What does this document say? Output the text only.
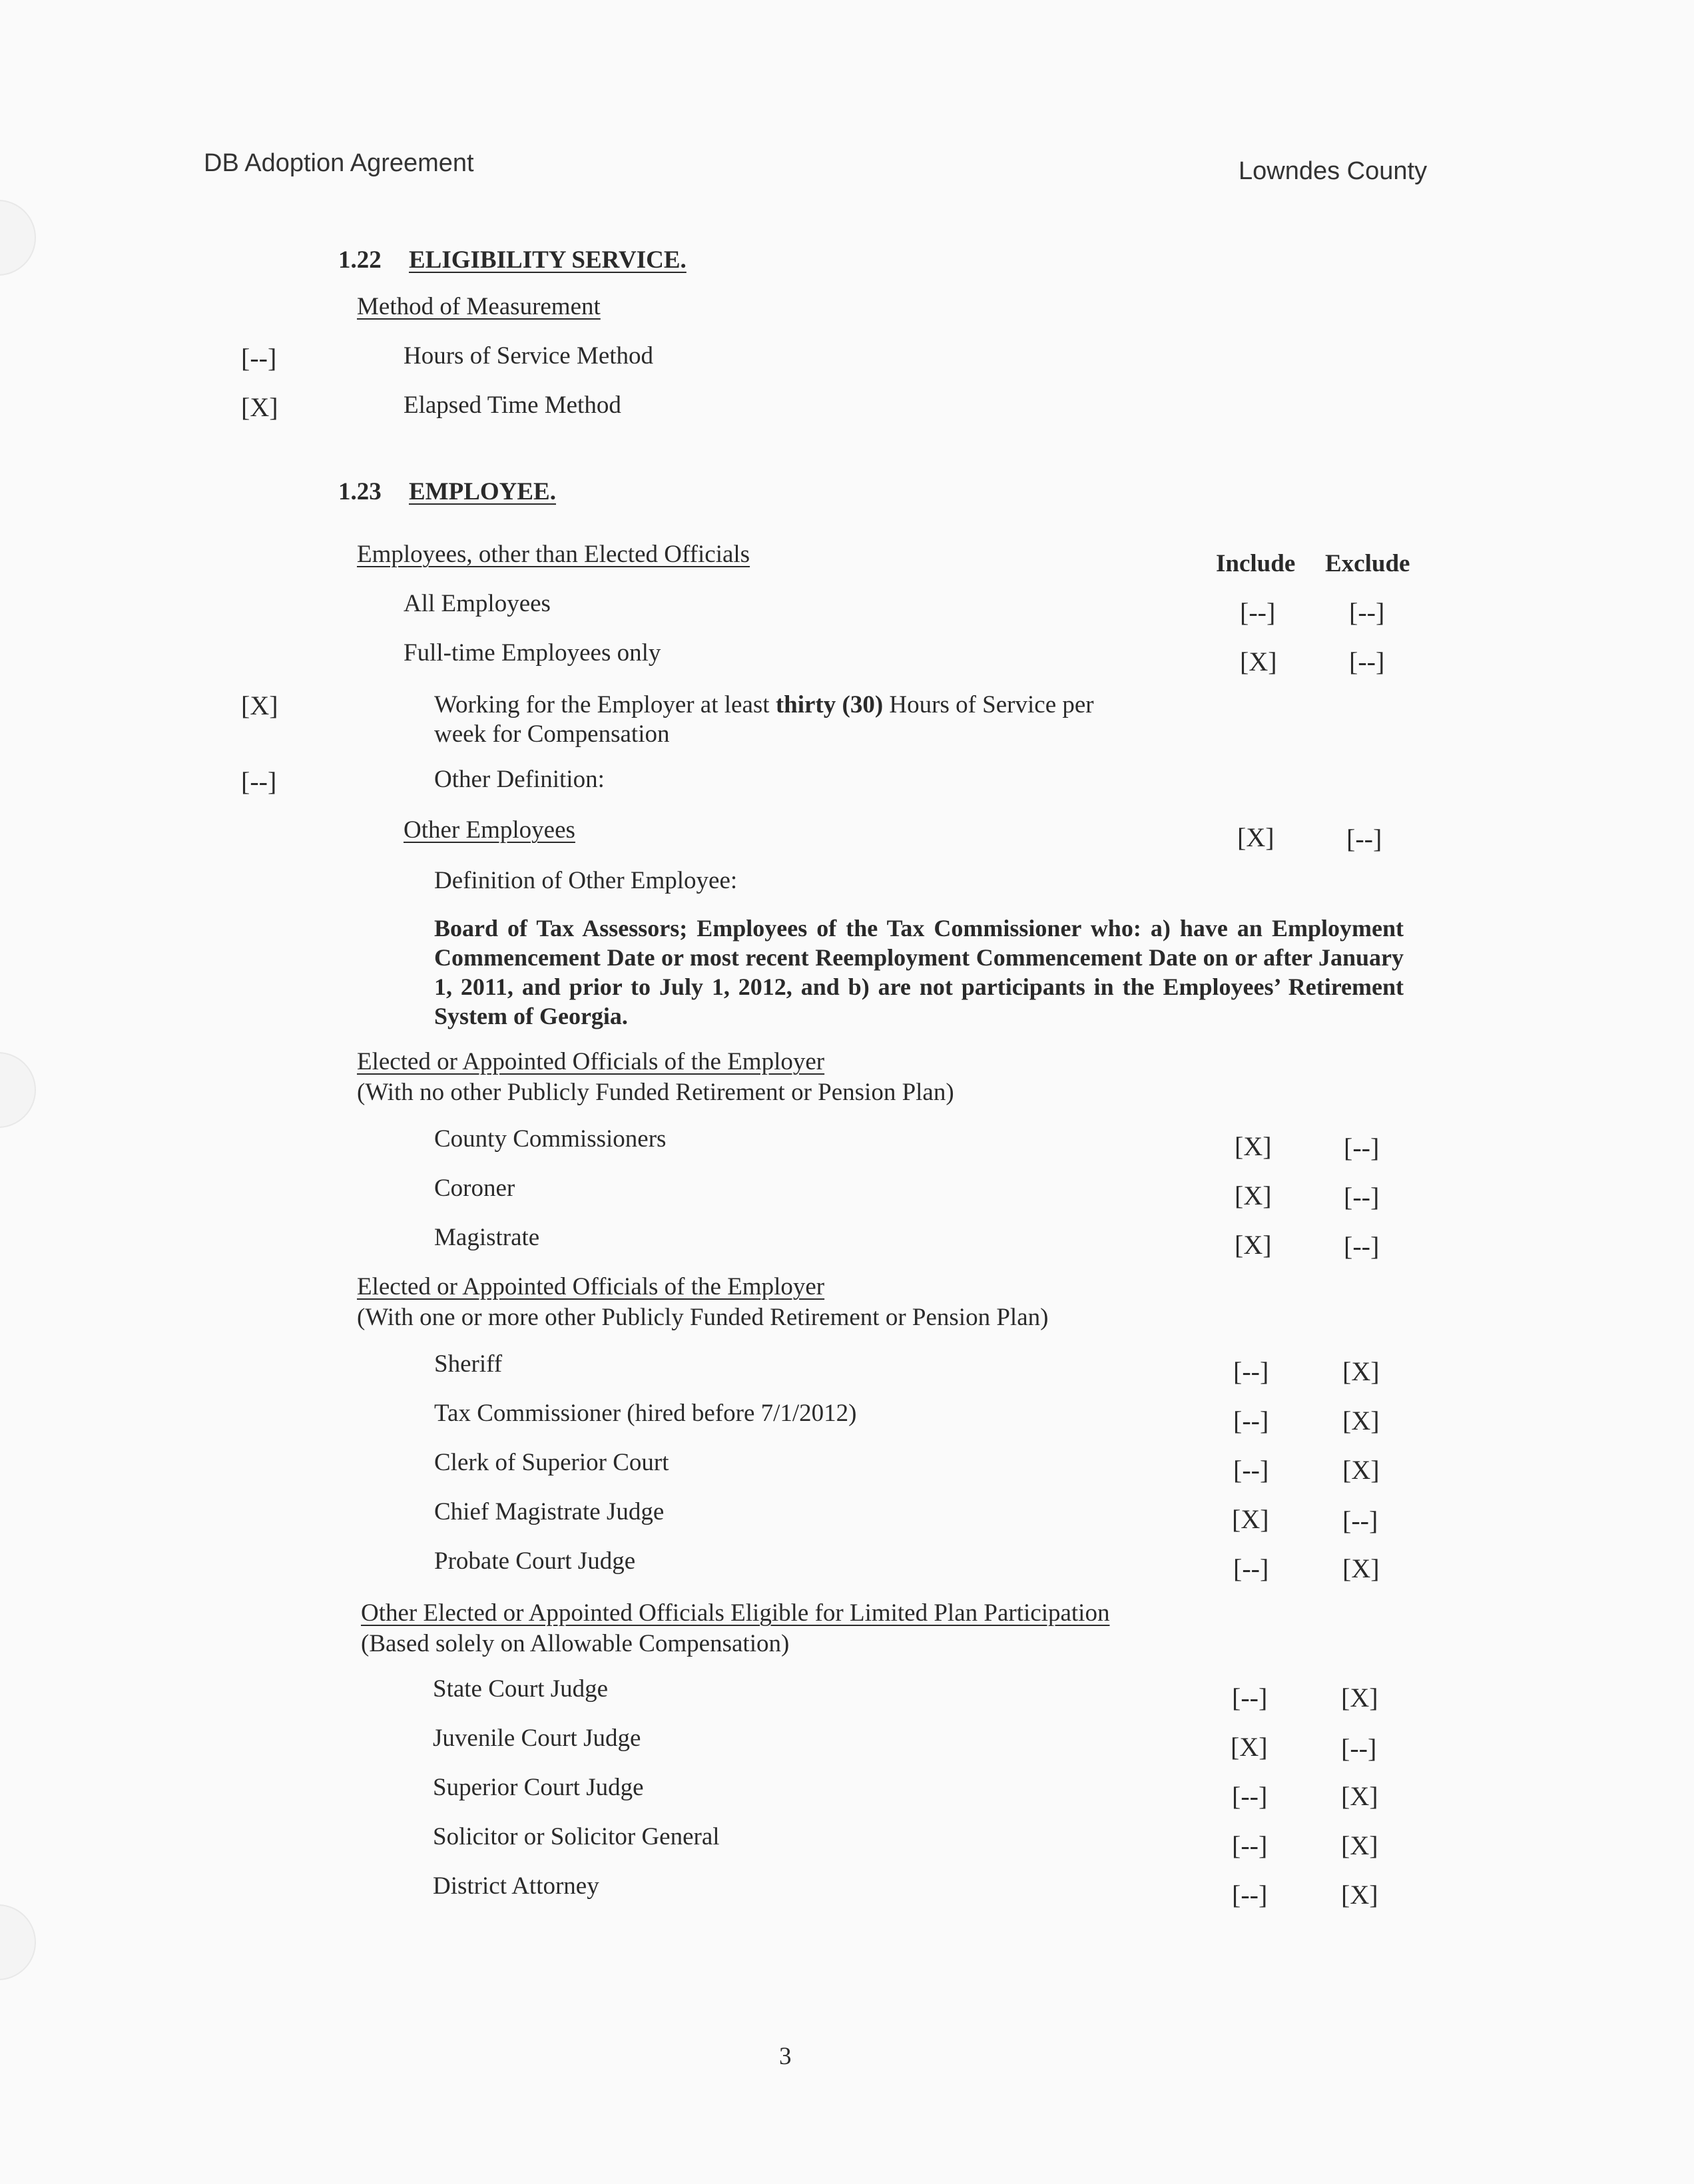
DB Adoption Agreement	Lowndes County
1.22 ELIGIBILITY SERVICE.
Method of Measurement
[--]	Hours of Service Method
[X]	Elapsed Time Method
1.23 EMPLOYEE.
Employees, other than Elected Officials	Include Exclude
All Employees	[--]	[--]
Full-time Employees only	[X]	[--]
[X]	Working for the Employer at least thirty (30) Hours of Service per
week for Compensation
[--]	Other Definition:
Other Employees	[X]	[--]
Definition of Other Employee:
Board of Tax Assessors; Employees of the Tax Commissioner who: a) have an Employment Commencement Date or most recent Reemployment Commencement Date on or after January 1, 2011, and prior to July 1, 2012, and b) are not participants in the Employees’ Retirement System of Georgia.
Elected or Appointed Officials of the Employer
(With no other Publicly Funded Retirement or Pension Plan)
County Commissioners	[X]	[--]
Coroner	[X]	[--]
Magistrate	[X]	[--]
Elected or Appointed Officials of the Employer
(With one or more other Publicly Funded Retirement or Pension Plan)
Sheriff	[--]	[X]
Tax Commissioner (hired before 7/1/2012)	[--]	[X]
Clerk of Superior Court	[--]	[X]
Chief Magistrate Judge	[X]	[--]
Probate Court Judge	[--]	[X]
Other Elected or Appointed Officials Eligible for Limited Plan Participation
(Based solely on Allowable Compensation)
State Court Judge	[--]	[X]
Juvenile Court Judge	[X]	[--]
Superior Court Judge	[--]	[X]
Solicitor or Solicitor General	[--]	[X]
District Attorney	[--]	[X]
3
